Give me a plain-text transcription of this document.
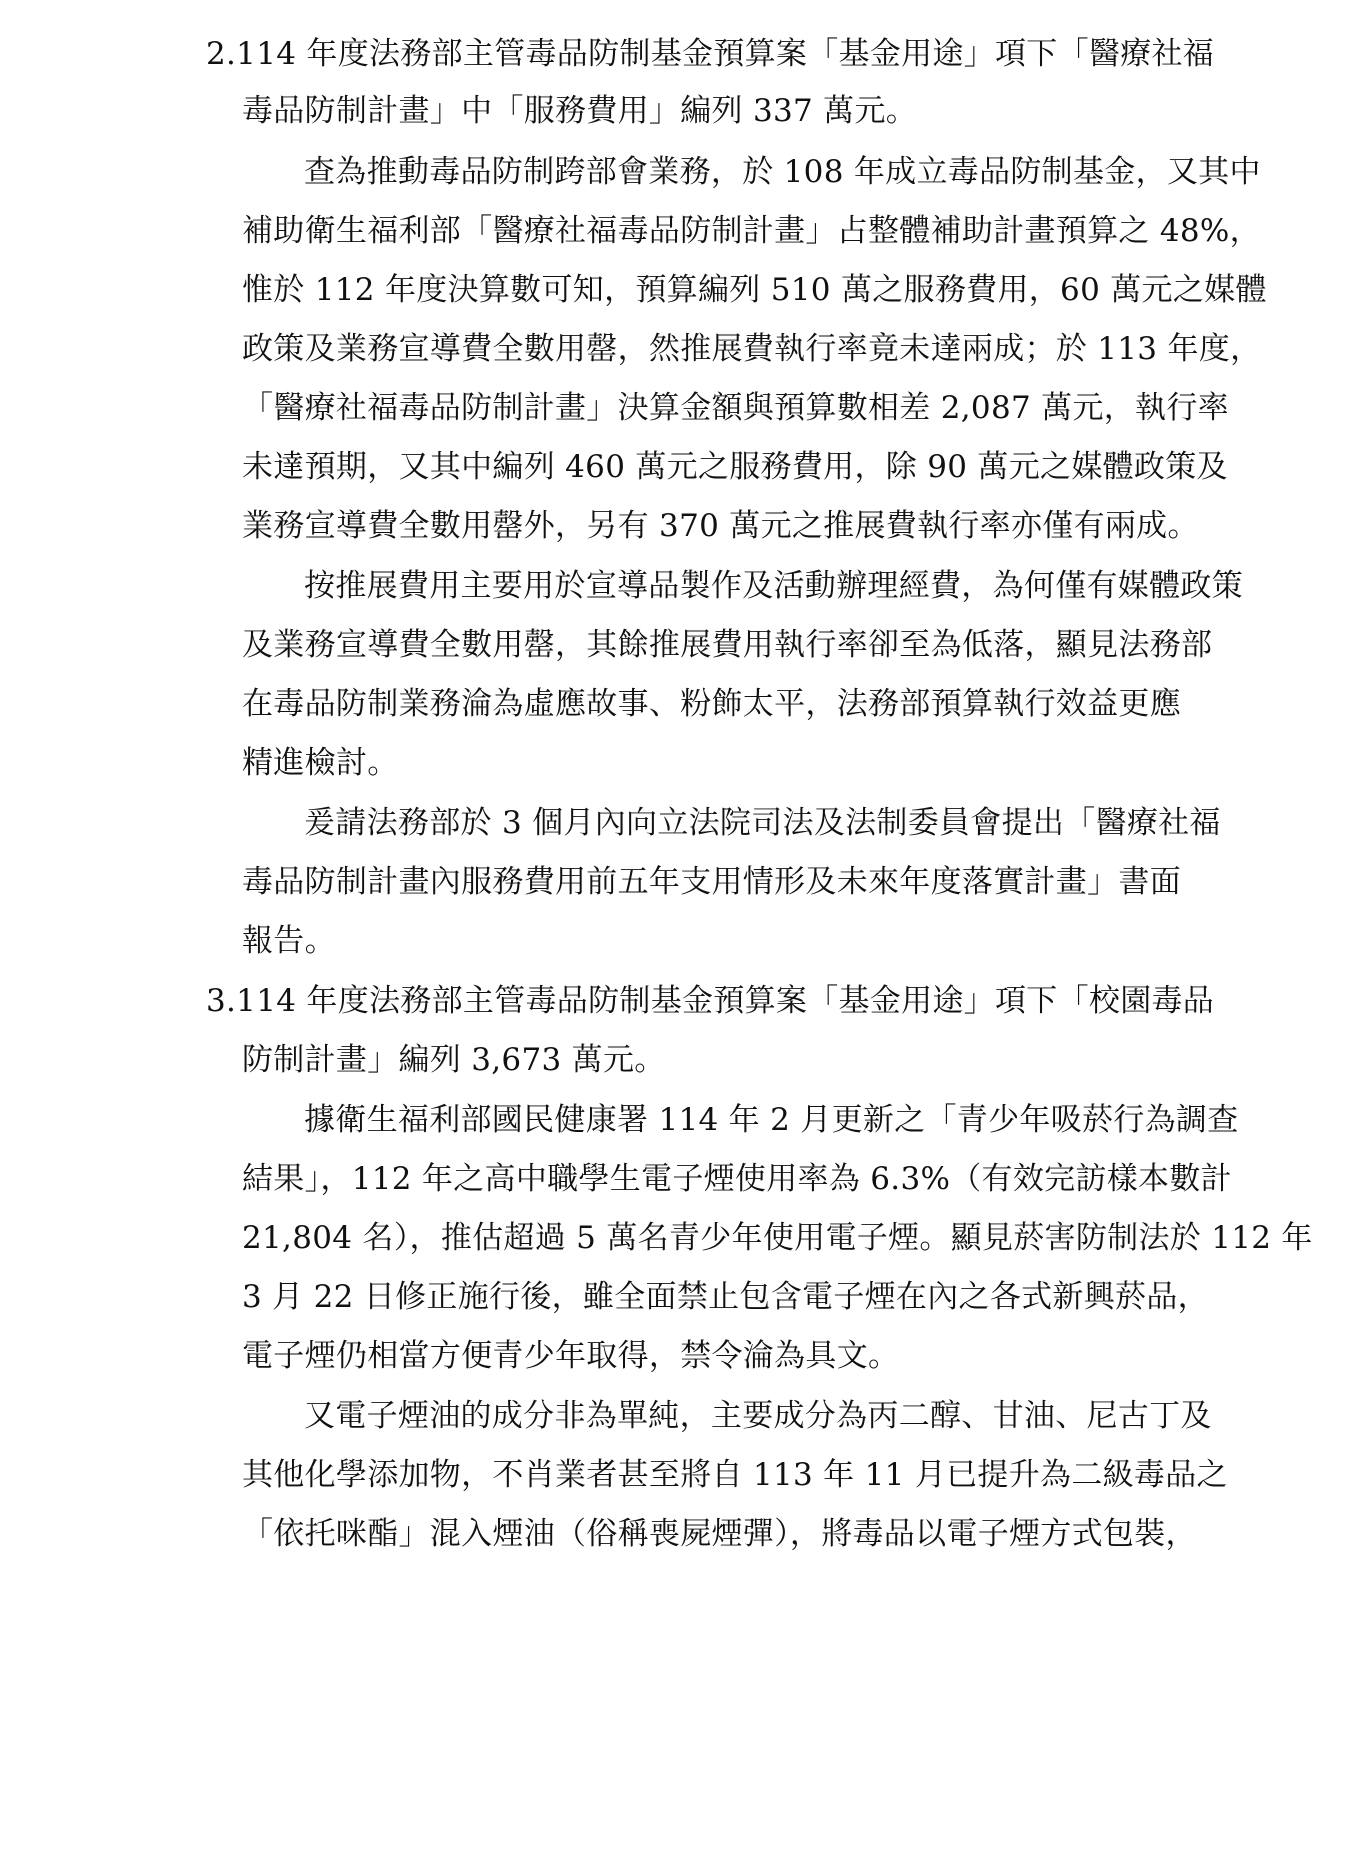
2.114 年度法務部主管毒品防制基金預算案「基金用途」項下「醫療社福
毒品防制計畫」中「服務費用」編列 337 萬元。
查為推動毒品防制跨部會業務，於 108 年成立毒品防制基金，又其中
補助衛生福利部「醫療社福毒品防制計畫」占整體補助計畫預算之 48%，
惟於 112 年度決算數可知，預算編列 510 萬之服務費用，60 萬元之媒體
政策及業務宣導費全數用罄，然推展費執行率竟未達兩成；於 113 年度，
「醫療社福毒品防制計畫」決算金額與預算數相差 2,087 萬元，執行率
未達預期，又其中編列 460 萬元之服務費用，除 90 萬元之媒體政策及
業務宣導費全數用罄外，另有 370 萬元之推展費執行率亦僅有兩成。
按推展費用主要用於宣導品製作及活動辦理經費，為何僅有媒體政策
及業務宣導費全數用罄，其餘推展費用執行率卻至為低落，顯見法務部
在毒品防制業務淪為虛應故事、粉飾太平，法務部預算執行效益更應
精進檢討。
爰請法務部於 3 個月內向立法院司法及法制委員會提出「醫療社福
毒品防制計畫內服務費用前五年支用情形及未來年度落實計畫」書面
報告。
3.114 年度法務部主管毒品防制基金預算案「基金用途」項下「校園毒品
防制計畫」編列 3,673 萬元。
據衛生福利部國民健康署 114 年 2 月更新之「青少年吸菸行為調查
結果」，112 年之高中職學生電子煙使用率為 6.3%（有效完訪樣本數計
21,804 名），推估超過 5 萬名青少年使用電子煙。顯見菸害防制法於 112 年
3 月 22 日修正施行後，雖全面禁止包含電子煙在內之各式新興菸品，
電子煙仍相當方便青少年取得，禁令淪為具文。
又電子煙油的成分非為單純，主要成分為丙二醇、甘油、尼古丁及
其他化學添加物，不肖業者甚至將自 113 年 11 月已提升為二級毒品之
「依托咪酯」混入煙油（俗稱喪屍煙彈），將毒品以電子煙方式包裝，
